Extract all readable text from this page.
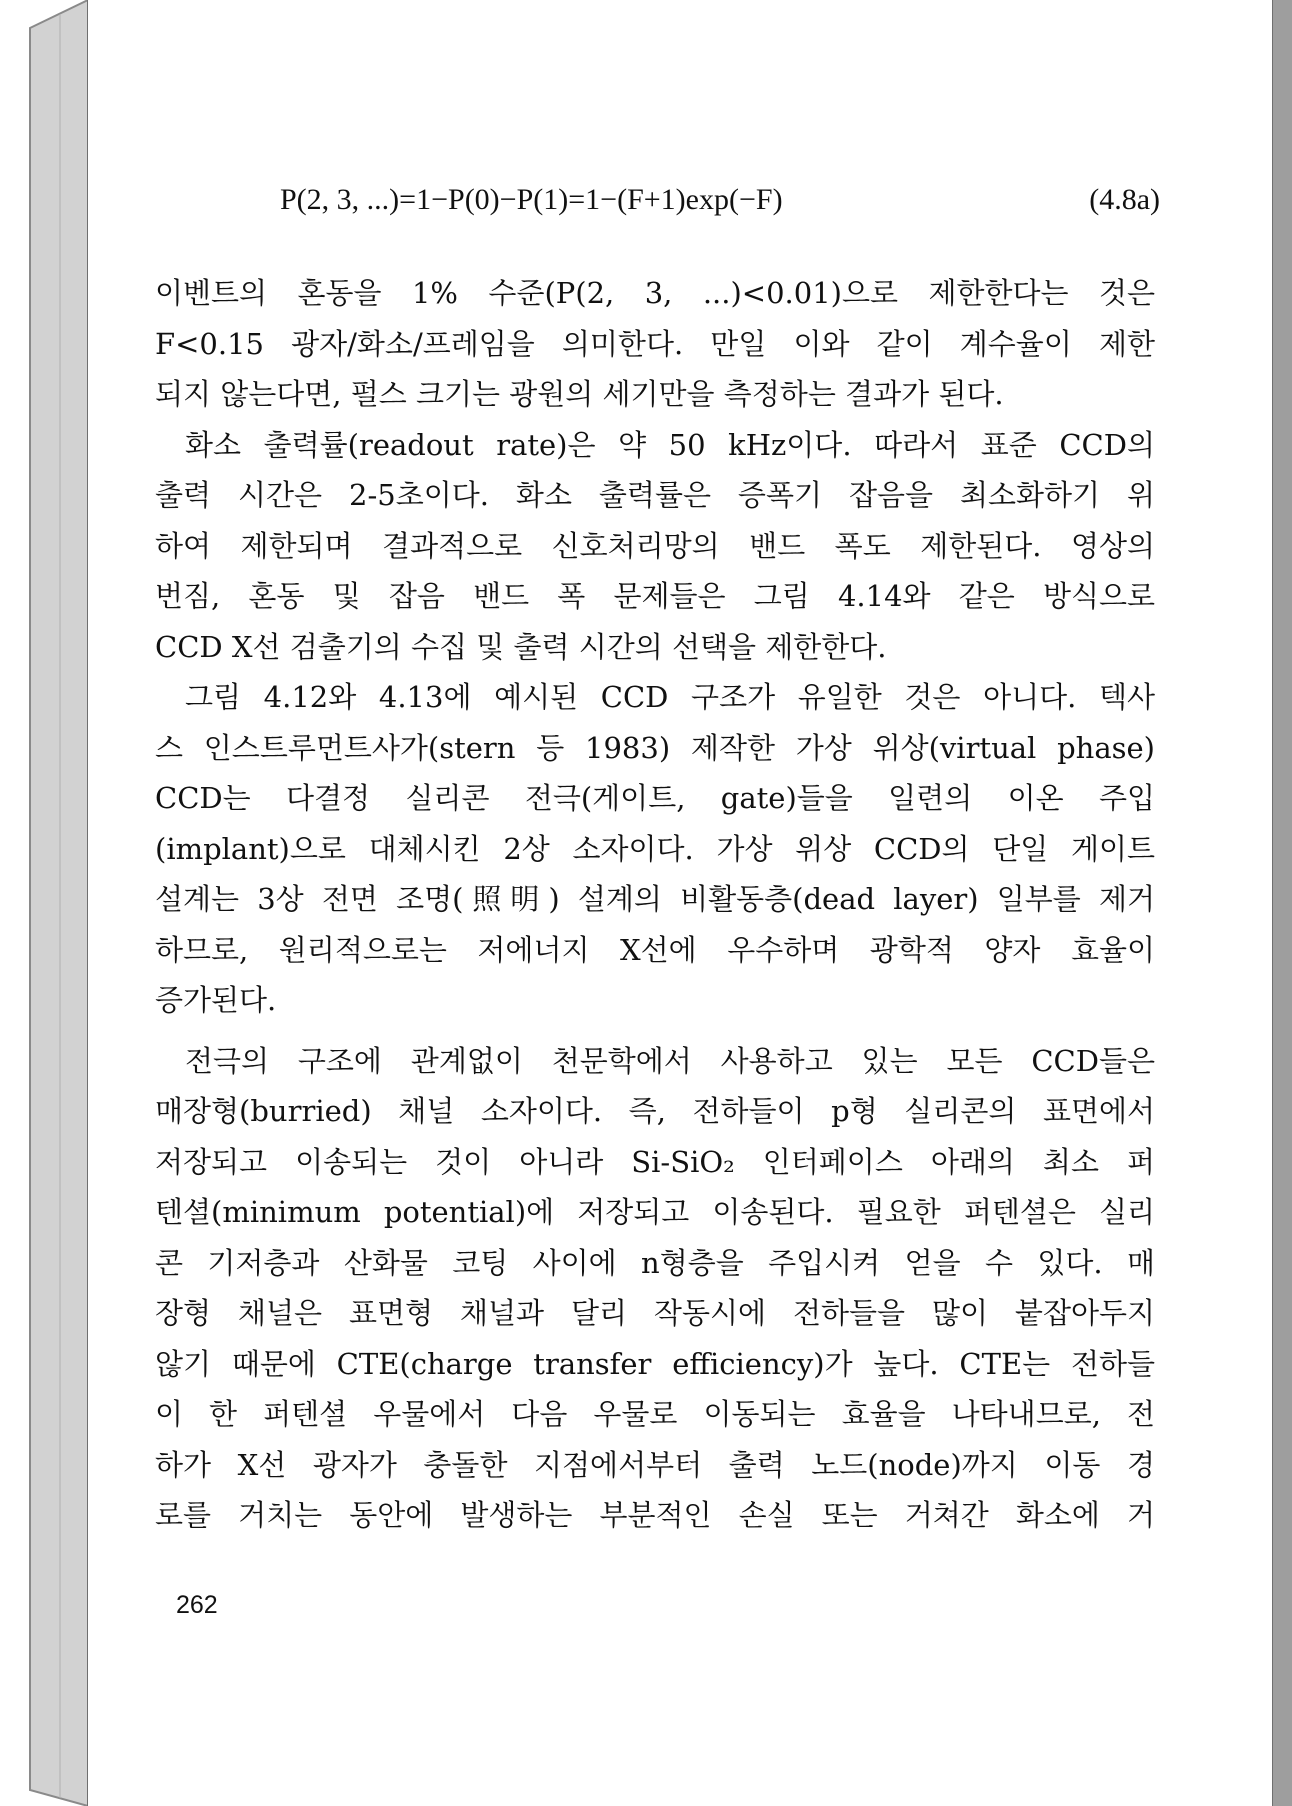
P(2, 3, ...)=1−P(0)−P(1)=1−(F+1)exp(−F)	(4.8a)
이벤트의 혼동을 1% 수준(P(2, 3, ...)<0.01)으로 제한한다는 것은
F<0.15 광자/화소/프레임을 의미한다. 만일 이와 같이 계수율이 제한
되지 않는다면, 펄스 크기는 광원의 세기만을 측정하는 결과가 된다.
화소 출력률(readout rate)은 약 50 kHz이다. 따라서 표준 CCD의
출력 시간은 2-5초이다. 화소 출력률은 증폭기 잡음을 최소화하기 위
하여 제한되며 결과적으로 신호처리망의 밴드 폭도 제한된다. 영상의
번짐, 혼동 및 잡음 밴드 폭 문제들은 그림 4.14와 같은 방식으로
CCD X선 검출기의 수집 및 출력 시간의 선택을 제한한다.
그림 4.12와 4.13에 예시된 CCD 구조가 유일한 것은 아니다. 텍사
스 인스트루먼트사가(stern 등 1983) 제작한 가상 위상(virtual phase)
CCD는 다결정 실리콘 전극(게이트, gate)들을 일련의 이온 주입
(implant)으로 대체시킨 2상 소자이다. 가상 위상 CCD의 단일 게이트
설계는 3상 전면 조명(照明) 설계의 비활동층(dead layer) 일부를 제거
하므로, 원리적으로는 저에너지 X선에 우수하며 광학적 양자 효율이
증가된다.
전극의 구조에 관계없이 천문학에서 사용하고 있는 모든 CCD들은
매장형(burried) 채널 소자이다. 즉, 전하들이 p형 실리콘의 표면에서
저장되고 이송되는 것이 아니라 Si-SiO₂ 인터페이스 아래의 최소 퍼
텐셜(minimum potential)에 저장되고 이송된다. 필요한 퍼텐셜은 실리
콘 기저층과 산화물 코팅 사이에 n형층을 주입시켜 얻을 수 있다. 매
장형 채널은 표면형 채널과 달리 작동시에 전하들을 많이 붙잡아두지
않기 때문에 CTE(charge transfer efficiency)가 높다. CTE는 전하들
이 한 퍼텐셜 우물에서 다음 우물로 이동되는 효율을 나타내므로, 전
하가 X선 광자가 충돌한 지점에서부터 출력 노드(node)까지 이동 경
로를 거치는 동안에 발생하는 부분적인 손실 또는 거쳐간 화소에 거
262
